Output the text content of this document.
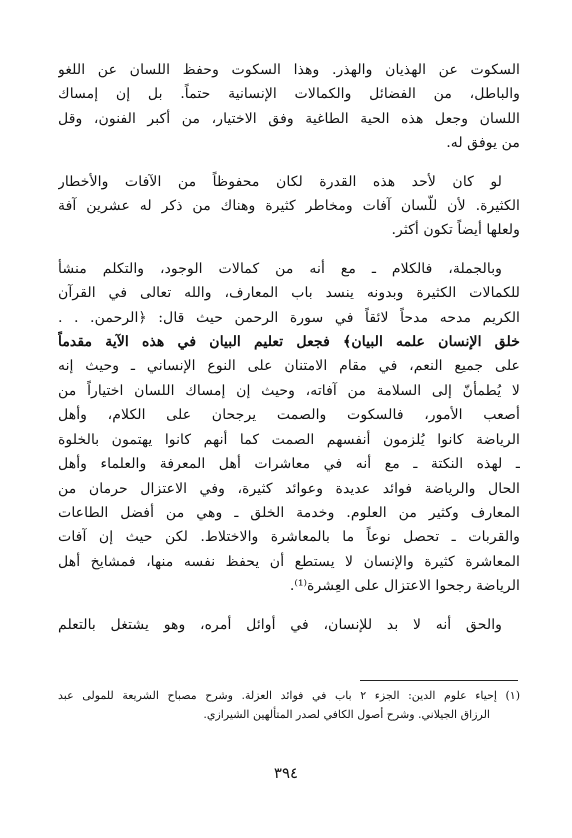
السكوت عن الهذيان والهذر. وهذا السكوت وحفظ اللسان عن اللغو
والباطل، من الفضائل والكمالات الإنسانية حتماً. بل إن إمساك
اللسان وجعل هذه الحية الطاغية وفق الاختيار، من أكبر الفنون، وقل
من يوفق له.
لو كان لأحد هذه القدرة لكان محفوظاً من الآفات والأخطار
الكثيرة. لأن للّسان آفات ومخاطر كثيرة وهناك من ذكر له عشرين آفة
ولعلها أيضاً تكون أكثر.
وبالجملة، فالكلام ـ مع أنه من كمالات الوجود، والتكلم منشأ
للكمالات الكثيرة وبدونه ينسد باب المعارف، والله تعالى في القرآن
الكريم مدحه مدحاً لائقاً في سورة الرحمن حيث قال: ﴿الرحمن. . .
خلق الإنسان علمه البيان﴾ فجعل تعليم البيان في هذه الآية مقدماً
على جميع النعم، في مقام الامتنان على النوع الإنساني ـ وحيث إنه
لا يُطمأنّ إلى السلامة من آفاته، وحيث إن إمساك اللسان اختياراً من
أصعب الأمور، فالسكوت والصمت يرجحان على الكلام، وأهل
الرياضة كانوا يُلزمون أنفسهم الصمت كما أنهم كانوا يهتمون بالخلوة
ـ لهذه النكتة ـ مع أنه في معاشرات أهل المعرفة والعلماء وأهل
الحال والرياضة فوائد عديدة وعوائد كثيرة، وفي الاعتزال حرمان من
المعارف وكثير من العلوم. وخدمة الخلق ـ وهي من أفضل الطاعات
والقربات ـ تحصل نوعاً ما بالمعاشرة والاختلاط. لكن حيث إن آفات
المعاشرة كثيرة والإنسان لا يستطع أن يحفظ نفسه منها، فمشايخ أهل
الرياضة رجحوا الاعتزال على العِشرة⁽¹⁾.
والحق أنه لا بد للإنسان، في أوائل أمره، وهو يشتغل بالتعلم
(١) إحياء علوم الدين: الجزء ٢ باب في فوائد العزلة. وشرح مصباح الشريعة للمولى عبد
الرزاق الجيلاني. وشرح أصول الكافي لصدر المتألهين الشيرازي.
٣٩٤
